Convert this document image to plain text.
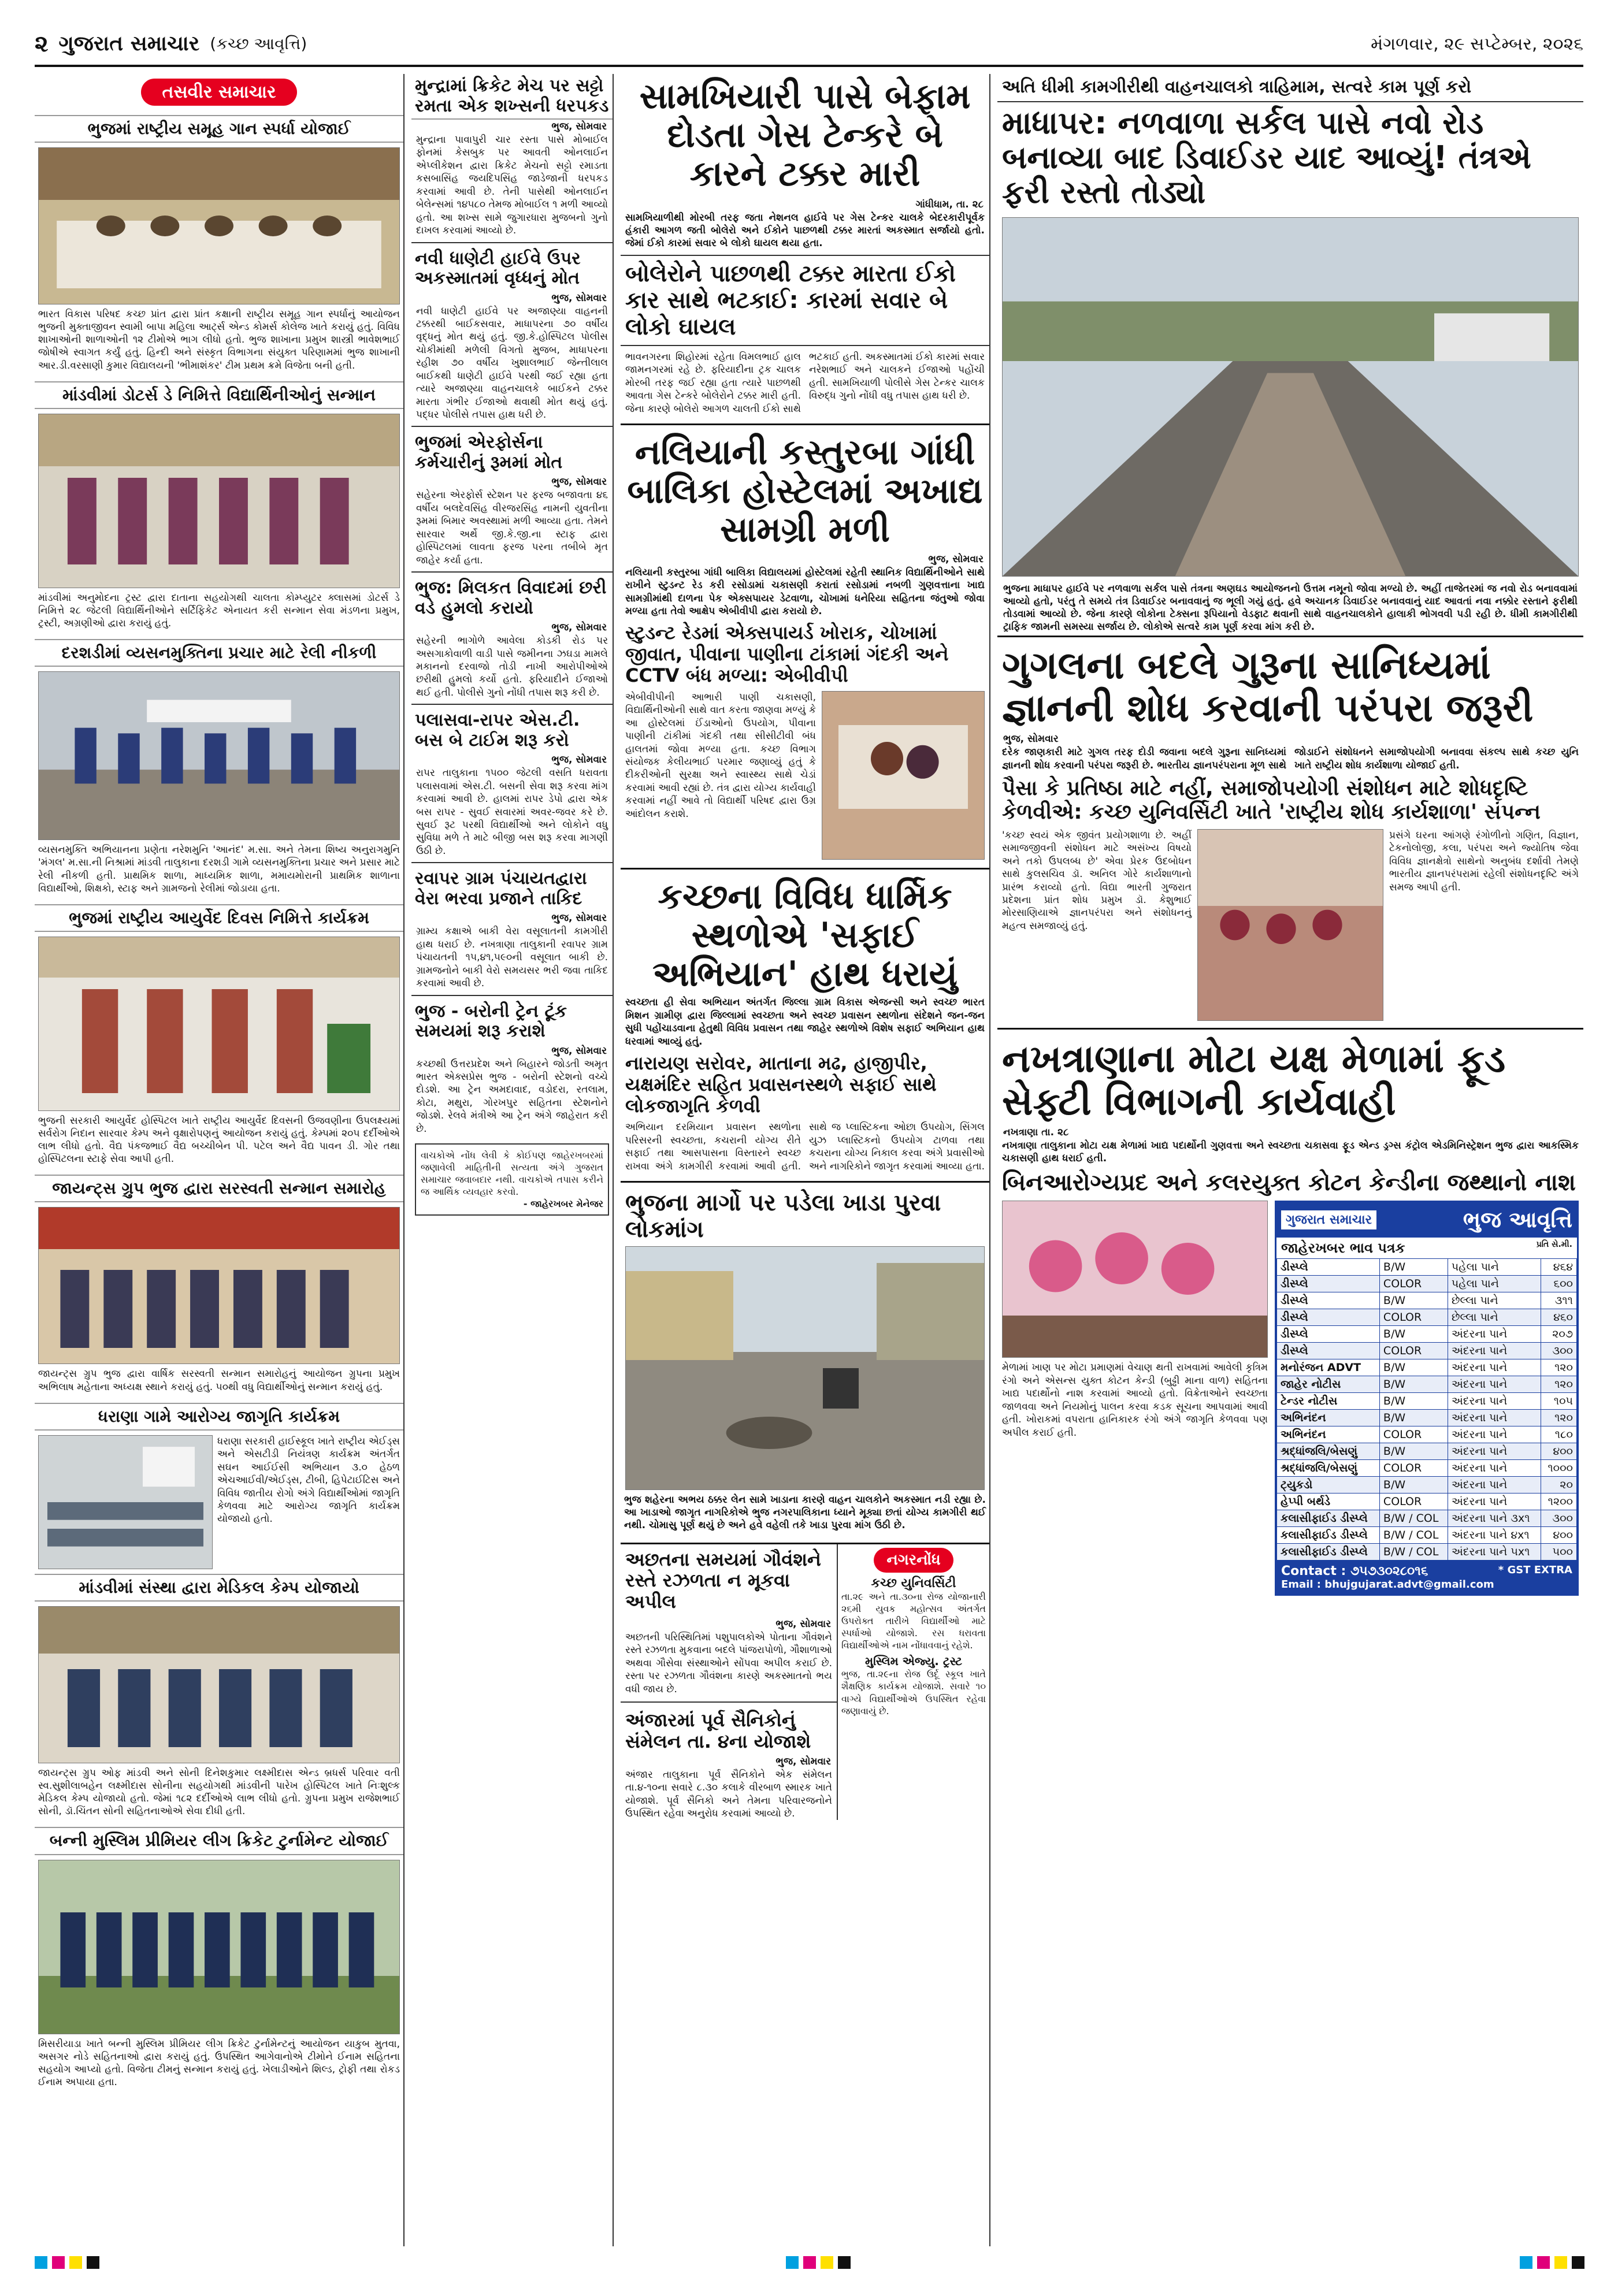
૨ ગુજરાત સમાચાર (કચ્છ આવૃત્તિ)	મંગળવાર, ૨૯ સપ્ટેમ્બર, ૨૦૨૬
તસવીર સમાચાર
ભુજમાં રાષ્ટ્રીય સમૂહ ગાન સ્પર્ધા યોજાઈ
ભારત વિકાસ પરિષદ કચ્છ પ્રાંત દ્વારા પ્રાંત કક્ષાની રાષ્ટ્રીય સમૂહ ગાન સ્પર્ધાનું આયોજન ભુજની મુક્તાજીવન સ્વામી બાપા મહિલા આર્ટ્સ એન્ડ કોમર્સ કોલેજ ખાતે કરાયું હતું. વિવિધ શાખાઓની શાળાઓની ૧૨ ટીમોએ ભાગ લીધો હતો. ભુજ શાખાના પ્રમુખ શાસ્ત્રી ભાવેશભાઈ જોષીએ સ્વાગત કર્યું હતું. હિન્દી અને સંસ્કૃત વિભાગના સંયુક્ત પરિણામમાં ભુજ શાખાની આર.ડી.વરસાણી કુમાર વિદ્યાલયની 'ભીમાશંકર' ટીમ પ્રથમ ક્રમે વિજેતા બની હતી.
માંડવીમાં ડોટર્સ ડે નિમિત્તે વિદ્યાર્થિનીઓનું સન્માન
માંડવીમાં અનુમોદના ટ્રસ્ટ દ્વારા દાતાના સહયોગથી ચાલતા કોમ્પ્યુટર ક્લાસમાં ડોટર્સ ડે નિમિત્તે ૨૮ જેટલી વિદ્યાર્થિનીઓને સર્ટિફિકેટ એનાયત કરી સન્માન સેવા મંડળના પ્રમુખ, ટ્રસ્ટી, અગ્રણીઓ દ્વારા કરાયું હતું.
દરશડીમાં વ્યસનમુક્તિના પ્રચાર માટે રેલી નીકળી
વ્યસનમુક્તિ અભિયાનના પ્રણેતા નરેશમુનિ 'આનંદ' મ.સા. અને તેમના શિષ્ય અનુરાગમુનિ 'મંગલ' મ.સા.ની નિશ્રામાં માંડવી તાલુકાના દરશડી ગામે વ્યસનમુક્તિના પ્રચાર અને પ્રસાર માટે રેલી નીકળી હતી. પ્રાથમિક શાળા, માધ્યમિક શાળા, મમાયમોરાની પ્રાથમિક શાળાના વિદ્યાર્થીઓ, શિક્ષકો, સ્ટાફ અને ગ્રામજનો રેલીમાં જોડાયા હતા.
ભુજમાં રાષ્ટ્રીય આયુર્વેદ દિવસ નિમિત્તે કાર્યક્રમ
ભુજની સરકારી આયુર્વેદ હોસ્પિટલ ખાતે રાષ્ટ્રીય આયુર્વેદ દિવસની ઉજવણીના ઉપલક્ષ્યમાં સર્વરોગ નિદાન સારવાર કેમ્પ અને વૃક્ષારોપણનું આયોજન કરાયું હતું. કેમ્પમાં ૨૦૫ દર્દીઓએ લાભ લીધો હતો. વૈદ્ય પંકજભાઈ વૈદ્ય બચ્ચીબેન પી. પટેલ અને વૈદ્ય પાવન ડી. ગોર તથા હોસ્પિટલના સ્ટાફે સેવા આપી હતી.
જાયન્ટ્સ ગ્રુપ ભુજ દ્વારા સરસ્વતી સન્માન સમારોહ
જાયન્ટ્સ ગ્રુપ ભુજ દ્વારા વાર્ષિક સરસ્વતી સન્માન સમારોહનું આયોજન ગ્રુપના પ્રમુખ અભિલાષ મહેતાના અધ્યક્ષ સ્થાને કરાયું હતું. ૫૦થી વધુ વિદ્યાર્થીઓનું સન્માન કરાયું હતું.
ધરાણા ગામે આરોગ્ય જાગૃતિ કાર્યક્રમ
ધરાણા સરકારી હાઈસ્કૂલ ખાતે રાષ્ટ્રીય એઈડ્સ અને એસટીડી નિયંત્રણ કાર્યક્રમ અંતર્ગત સઘન આઈઈસી અભિયાન ૩.૦ હેઠળ એચઆઈવી/એઈડ્સ, ટીબી, હિપેટાઈટિસ અને વિવિધ જાતીય રોગો અંગે વિદ્યાર્થીઓમાં જાગૃતિ કેળવવા માટે આરોગ્ય જાગૃતિ કાર્યક્રમ યોજાયો હતો.
માંડવીમાં સંસ્થા દ્વારા મેડિકલ કેમ્પ યોજાયો
જાયન્ટ્સ ગ્રુપ ઓફ માંડવી અને સોની દિનેશકુમાર લક્ષ્મીદાસ એન્ડ બ્રધર્સ પરિવાર વતી સ્વ.સુશીલાબહેન લક્ષ્મીદાસ સોનીના સહયોગથી માંડવીની પારેખ હોસ્પિટલ ખાતે નિઃશુલ્ક મેડિકલ કેમ્પ યોજાયો હતો. જેમાં ૧૮૨ દર્દીઓએ લાભ લીધો હતો. ગ્રુપના પ્રમુખ રાજેશભાઈ સોની, ડૉ.ચિંતન સોની સહિતનાઓએ સેવા દીધી હતી.
બન્ની મુસ્લિમ પ્રીમિયર લીગ ક્રિકેટ ટુર્નામેન્ટ યોજાઈ
મિસરીયાડા ખાતે બન્ની મુસ્લિમ પ્રીમિયર લીગ ક્રિકેટ ટુર્નામેન્ટનું આયોજન યાકુબ મુતવા, અસગર નોડે સહિતનાઓ દ્વારા કરાયું હતું. ઉપસ્થિત આગેવાનોએ ટીમોને ઈનામ સહિતના સહયોગ આપ્યો હતો. વિજેતા ટીમનું સન્માન કરાયું હતું. ખેલાડીઓને શિલ્ડ, ટ્રોફી તથા રોકડ ઈનામ અપાયા હતા.
મુન્દ્રામાં ક્રિકેટ મેચ પર સટ્ટો રમતા એક શખ્સની ધરપકડ
ભુજ, સોમવાર
મુન્દ્રાના પાવાપુરી ચાર રસ્તા પાસે મોબાઈલ ફોનમાં કેસબુક પર આવતી ઓનલાઈન એપ્લીકેશન દ્વારા ક્રિકેટ મેચનો સટ્ટો રમાડતા કસબાસિંહ જયદિપસિંહ જાડેજાની ધરપકડ કરવામાં આવી છે. તેની પાસેથી ઓનલાઈન બેલેન્સમાં ૧૪૫૮૦ તેમજ મોબાઈલ ૧ મળી આવ્યો હતો. આ શખ્સ સામે જુગારધારા મુજબનો ગુનો દાખલ કરવામાં આવ્યો છે.
નવી ધાણેટી હાઈવે ઉપર અકસ્માતમાં વૃધ્ધનું મોત
ભુજ, સોમવાર
નવી ધાણેટી હાઈવે પર અજાણ્યા વાહનની ટક્કરથી બાઈકસવાર, માધાપરના ૭૦ વર્ષીય વૃદ્ધનું મોત થયું હતું. જી.કે.હોસ્પિટલ પોલીસ ચોકીમાંથી મળેલી વિગતો મુજબ, માધાપરના રહીશ ૭૦ વર્ષીય ખુશાલભાઈ જેન્તીલાલ બાઈકથી ધાણેટી હાઈવે પરથી જઈ રહ્યા હતા ત્યારે અજાણ્યા વાહનચાલકે બાઈકને ટક્કર મારતા ગંભીર ઈજાઓ થવાથી મોત થયું હતું. પદ્ધર પોલીસે તપાસ હાથ ધરી છે.
ભુજમાં એરફોર્સના કર્મચારીનું રૂમમાં મોત
ભુજ, સોમવાર
સહેરના એરફોર્સ સ્ટેશન પર ફરજ બજાવતા ૪૬ વર્ષીય બલદેવસિંહ વીરજરસિંહ નામની યુવતીના રૂમમાં બિમાર અવસ્થામાં મળી આવ્યા હતા. તેમને સારવાર અર્થે જી.કે.જી.ના સ્ટાફ દ્વારા હોસ્પિટલમાં લાવતા ફરજ પરના તબીબે મૃત જાહેર કર્યા હતા.
ભુજ: મિલકત વિવાદમાં છરી વડે હુમલો કરાયો
ભુજ, સોમવાર
સહેરની ભાગોળે આવેલા કોડકી રોડ પર અસગાકોવાળી વાડી પાસે જમીનના ઝઘડા મામલે મકાનનો દરવાજો તોડી નાખી આરોપીઓએ છરીથી હુમલો કર્યો હતો. ફરિયાદીને ઈજાઓ થઈ હતી. પોલીસે ગુનો નોંધી તપાસ શરૂ કરી છે.
પલાસવા-રાપર એસ.ટી. બસ બે ટાઈમ શરૂ કરો
ભુજ, સોમવાર
રાપર તાલુકાના ૧૫૦૦ જેટલી વસતિ ધરાવતા પલાસવામાં એસ.ટી. બસની સેવા શરૂ કરવા માંગ કરવામાં આવી છે. હાલમાં રાપર ડેપો દ્વારા એક બસ રાપર - સુવઈ સવારમાં અવર-જવર કરે છે. સુવઈ રૂટ પરથી વિદ્યાર્થીઓ અને લોકોને વધુ સુવિધા મળે તે માટે બીજી બસ શરૂ કરવા માગણી ઉઠી છે.
રવાપર ગ્રામ પંચાયતદ્વારા વેરા ભરવા પ્રજાને તાકિદ
ભુજ, સોમવાર
ગ્રામ્ય કક્ષાએ બાકી વેરા વસૂલાતની કામગીરી હાથ ધરાઈ છે. નખત્રાણા તાલુકાની રવાપર ગ્રામ પંચાયતની ૧૫,૪૧,૫૯૦ની વસૂલાત બાકી છે. ગ્રામજનોને બાકી વેરો સમયસર ભરી જવા તાકિદ કરવામાં આવી છે.
ભુજ - બરોની ટ્રેન ટૂંક સમયમાં શરૂ કરાશે
ભુજ, સોમવાર
કચ્છથી ઉત્તરપ્રદેશ અને બિહારને જોડતી અમૃત ભારત એક્સપ્રેસ ભુજ - બરોની સ્ટેશનો વચ્ચે દોડશે. આ ટ્રેન અમદાવાદ, વડોદરા, રતલામ, કોટા, મથુરા, ગોરખપુર સહિતના સ્ટેશનોને જોડશે. રેલવે મંત્રીએ આ ટ્રેન અંગે જાહેરાત કરી છે.
વાચકોએ નોંધ લેવી કે કોઈપણ જાહેરખબરમાં જણાવેલી માહિતીની સત્યતા અંગે ગુજરાત સમાચાર જવાબદાર નથી. વાચકોએ તપાસ કરીને જ આર્થિક વ્યવહાર કરવો.
- જાહેરખબર મેનેજર
સામખિયારી પાસે બેફામ દોડતા ગેસ ટેન્કરે બે કારને ટક્કર મારી
ગાંધીધામ, તા. ૨૮
સામખિયાળીથી મોરબી તરફ જતા નેશનલ હાઈવે પર ગેસ ટેન્કર ચાલકે બેદરકારીપૂર્વક હંકારી આગળ જતી બોલેરો અને ઈકોને પાછળથી ટક્કર મારતાં અકસ્માત સર્જાયો હતો. જેમાં ઈકો કારમાં સવાર બે લોકો ઘાયલ થયા હતા.
બોલેરોને પાછળથી ટક્કર મારતા ઈકો કાર સાથે ભટકાઈ: કારમાં સવાર બે લોકો ઘાયલ
ભાવનગરના શિહોરમાં રહેતા વિમલભાઈ હાલ જામનગરમાં રહે છે. ફરિયાદીના ટ્રક ચાલક મોરબી તરફ જઈ રહ્યા હતા ત્યારે પાછળથી આવતા ગેસ ટેન્કરે બોલેરોને ટક્કર મારી હતી. જેના કારણે બોલેરો આગળ ચાલતી ઈકો સાથે ભટકાઈ હતી. અકસ્માતમાં ઈકો કારમાં સવાર નરેશભાઈ અને ચાલકને ઈજાઓ પહોંચી હતી. સામખિયાળી પોલીસે ગેસ ટેન્કર ચાલક વિરુદ્ધ ગુનો નોંધી વધુ તપાસ હાથ ધરી છે.
નલિયાની કસ્તુરબા ગાંધી બાલિકા હોસ્ટેલમાં અખાદ્ય સામગ્રી મળી
ભુજ, સોમવાર
નલિયાની કસ્તુરબા ગાંધી બાલિકા વિદ્યાલયમાં હોસ્ટેલમાં રહેતી સ્થાનિક વિદ્યાર્થિનીઓને સાથે રાખીને સ્ટુડન્ટ રેડ કરી રસોડામાં ચકાસણી કરાતાં રસોડામાં નબળી ગુણવત્તાના ખાદ્ય સામગ્રીમાંથી દાળના પેક એક્સપાયર ડેટવાળા, ચોખામાં ધનેરિયા સહિતના જંતુઓ જોવા મળ્યા હતા તેવો આક્ષેપ એબીવીપી દ્વારા કરાયો છે.
સ્ટુડન્ટ રેડમાં એક્સપાયર્ડ ખોરાક, ચોખામાં જીવાત, પીવાના પાણીના ટાંકામાં ગંદકી અને CCTV બંધ મળ્યા: એબીવીપી
એબીવીપીની આભારી પાણી ચકાસણી, વિદ્યાર્થિનીઓની સાથે વાત કરતા જાણવા મળ્યું કે આ હોસ્ટેલમાં ઈંડાઓનો ઉપયોગ, પીવાના પાણીની ટાંકીમાં ગંદકી તથા સીસીટીવી બંધ હાલતમાં જોવા મળ્યા હતા. કચ્છ વિભાગ સંયોજક કેલીયભાઈ પરમાર જણાવ્યું હતું કે દીકરીઓની સુરક્ષા અને સ્વાસ્થ્ય સાથે ચેડાં કરવામાં આવી રહ્યાં છે. તંત્ર દ્વારા યોગ્ય કાર્યવાહી કરવામાં નહીં આવે તો વિદ્યાર્થી પરિષદ દ્વારા ઉગ્ર આંદોલન કરાશે.
કચ્છના વિવિધ ધાર્મિક સ્થળોએ 'સફાઈ અભિયાન' હાથ ધરાયું
સ્વચ્છતા હી સેવા અભિયાન અંતર્ગત જિલ્લા ગ્રામ વિકાસ એજન્સી અને સ્વચ્છ ભારત મિશન ગ્રામીણ દ્વારા જિલ્લામાં સ્વચ્છતા અને સ્વચ્છ પ્રવાસન સ્થળોના સંદેશને જન-જન સુધી પહોંચાડવાના હેતુથી વિવિધ પ્રવાસન તથા જાહેર સ્થળોએ વિશેષ સફાઈ અભિયાન હાથ ધરવામાં આવ્યું હતું.
નારાયણ સરોવર, માતાના મઢ, હાજીપીર, યક્ષમંદિર સહિત પ્રવાસનસ્થળે સફાઈ સાથે લોકજાગૃતિ કેળવી
અભિયાન દરમિયાન પ્રવાસન સ્થળોના પરિસરની સ્વચ્છતા, કચરાની યોગ્ય રીતે સફાઈ તથા આસપાસના વિસ્તારને સ્વચ્છ રાખવા અંગે કામગીરી કરવામાં આવી હતી. સાથે જ પ્લાસ્ટિકના ઓછા ઉપયોગ, સિંગલ યુઝ પ્લાસ્ટિકનો ઉપયોગ ટાળવા તથા કચરાના યોગ્ય નિકાલ કરવા અંગે પ્રવાસીઓ અને નાગરિકોને જાગૃત કરવામાં આવ્યા હતા.
ભુજના માર્ગો પર પડેલા ખાડા પુરવા લોકમાંગ
ભુજ શહેરના અભય ઠક્કર લેન સામે ખાડાના કારણે વાહન ચાલકોને અકસ્માત નડી રહ્યા છે. આ ખાડાઓ જાગૃત નાગરિકોએ ભુજ નગરપાલિકાના ધ્યાને મૂક્યા છતાં યોગ્ય કામગીરી થઈ નથી. ચોમાસુ પૂર્ણ થયું છે અને હવે વહેલી તકે ખાડા પુરવા માંગ ઉઠી છે.
અછતના સમયમાં ગૌવંશને રસ્તે રઝળતા ન મૂકવા અપીલ
ભુજ, સોમવાર
અછતની પરિસ્થિતિમાં પશુપાલકોએ પોતાના ગૌવંશને રસ્તે રઝળતા મુકવાના બદલે પાંજરાપોળો, ગૌશાળાઓ અથવા ગૌસેવા સંસ્થાઓને સોંપવા અપીલ કરાઈ છે. રસ્તા પર રઝળતા ગૌવંશના કારણે અકસ્માતનો ભય વધી જાય છે.
અંજારમાં પૂર્વ સૈનિકોનું સંમેલન તા. ૪ના યોજાશે
ભુજ, સોમવાર
અંજાર તાલુકાના પૂર્વ સૈનિકોને એક સંમેલન તા.૪-૧૦ના સવારે ૮.૩૦ કલાકે વીરબાળ સ્મારક ખાતે યોજાશે. પૂર્વ સૈનિકો અને તેમના પરિવારજનોને ઉપસ્થિત રહેવા અનુરોધ કરવામાં આવ્યો છે.
નગરનોંધ
કચ્છ યુનિવર્સિટી
તા.૨૯ અને તા.૩૦ના રોજ યોજાનારી ૨૬મી યુવક મહોત્સવ અંતર્ગત ઉપરોક્ત તારીખે વિદ્યાર્થીઓ માટે સ્પર્ધાઓ યોજાશે. રસ ધરાવતા વિદ્યાર્થીઓએ નામ નોંધાવવાનું રહેશે.
મુસ્લિમ એજ્યુ. ટ્રસ્ટ
ભુજ, તા.૨૯ના રોજ ઉર્દૂ સ્કૂલ ખાતે શૈક્ષણિક કાર્યક્રમ યોજાશે. સવારે ૧૦ વાગ્યે વિદ્યાર્થીઓએ ઉપસ્થિત રહેવા જણાવાયું છે.
અતિ ધીમી કામગીરીથી વાહનચાલકો ત્રાહિમામ, સત્વરે કામ પૂર્ણ કરો
માધાપર: નળવાળા સર્કલ પાસે નવો રોડ બનાવ્યા બાદ ડિવાઈડર યાદ આવ્યું! તંત્રએ ફરી રસ્તો તોડ્યો
ભુજના માધાપર હાઈવે પર નળવાળા સર્કલ પાસે તંત્રના અણઘડ આયોજનનો ઉત્તમ નમૂનો જોવા મળ્યો છે. અહીં તાજેતરમાં જ નવો રોડ બનાવવામાં આવ્યો હતો, પરંતુ તે સમયે તંત્ર ડિવાઈડર બનાવવાનું જ ભૂલી ગયું હતું. હવે અચાનક ડિવાઈડર બનાવવાનું યાદ આવતાં નવા નક્કોર રસ્તાને ફરીથી તોડવામાં આવ્યો છે. જેના કારણે લોકોના ટેક્સના રૂપિયાનો વેડફાટ થવાની સાથે વાહનચાલકોને હાલાકી ભોગવવી પડી રહી છે. ધીમી કામગીરીથી ટ્રાફિક જામની સમસ્યા સર્જાય છે. લોકોએ સત્વરે કામ પૂર્ણ કરવા માંગ કરી છે.
ગુગલના બદલે ગુરૂના સાનિધ્યમાં જ્ઞાનની શોધ કરવાની પરંપરા જરૂરી
ભુજ, સોમવાર
દરેક જાણકારી માટે ગુગલ તરફ દોડી જવાના બદલે ગુરૂના સાનિધ્યમાં જ્ઞાનની શોધ કરવાની પરંપરા જરૂરી છે. ભારતીય જ્ઞાનપરંપરાના મૂળ સાથે જોડાઈને સંશોધનને સમાજોપયોગી બનાવવા સંકલ્પ સાથે કચ્છ યુનિ ખાતે રાષ્ટ્રીય શોધ કાર્યશાળા યોજાઈ હતી.
પૈસા કે પ્રતિષ્ઠા માટે નહીં, સમાજોપયોગી સંશોધન માટે શોધદૃષ્ટિ કેળવીએ: કચ્છ યુનિવર્સિટી ખાતે 'રાષ્ટ્રીય શોધ કાર્યશાળા' સંપન્ન
'કચ્છ સ્વયં એક જીવંત પ્રયોગશાળા છે. અહીં સમાજજીવની સંશોધન માટે અસંખ્ય વિષયો અને તકો ઉપલબ્ધ છે' એવા પ્રેરક ઉદબોધન સાથે કુલસચિવ ડૉ. અનિલ ગોરે કાર્યશાળાનો પ્રારંભ કરાવ્યો હતો. વિદ્યા ભારતી ગુજરાત પ્રદેશના પ્રાંત શોધ પ્રમુખ ડૉ. કેશુભાઈ મોરસાણિયાએ જ્ઞાનપરંપરા અને સંશોધનનું મહત્વ સમજાવ્યું હતું.
પ્રસંગે ઘરના આંગણે રંગોળીનો ગણિત, વિજ્ઞાન, ટેકનોલોજી, કલા, પરંપરા અને જ્યોતિષ જેવા વિવિધ જ્ઞાનક્ષેત્રો સાથેનો અનુબંધ દર્શાવી તેમણે ભારતીય જ્ઞાનપરંપરામાં રહેલી સંશોધનદૃષ્ટિ અંગે સમજ આપી હતી.
નખત્રાણાના મોટા યક્ષ મેળામાં ફૂડ સેફ્ટી વિભાગની કાર્યવાહી
નખત્રાણા તા. ૨૮
નખત્રાણા તાલુકાના મોટા યક્ષ મેળામાં ખાદ્ય પદાર્થોની ગુણવત્તા અને સ્વચ્છતા ચકાસવા ફૂડ એન્ડ ડ્રગ્સ કંટ્રોલ એડમિનિસ્ટ્રેશન ભુજ દ્વારા આકસ્મિક ચકાસણી હાથ ધરાઈ હતી.
બિનઆરોગ્યપ્રદ અને કલરયુક્ત કોટન કેન્ડીના જથ્થાનો નાશ
મેળામાં ખાણ પર મોટા પ્રમાણમાં વેચાણ થતી રાખવામાં આવેલી કૃત્રિમ રંગો અને એસન્સ યુક્ત કોટન કેન્ડી (બુઢ્ઢી માના વાળ) સહિતના ખાદ્ય પદાર્થોનો નાશ કરવામાં આવ્યો હતો. વિક્રેતાઓને સ્વચ્છતા જાળવવા અને નિયમોનું પાલન કરવા કડક સૂચના આપવામાં આવી હતી. ખોરાકમાં વપરાતા હાનિકારક રંગો અંગે જાગૃતિ કેળવવા પણ અપીલ કરાઈ હતી.
ગુજરાત સમાચાર	ભુજ આવૃત્તિ
જાહેરખબર ભાવ પત્રક	પ્રતિ સે.મી.
ડીસ્પ્લે	B/W	પહેલા પાને	૪૬૪
ડીસ્પ્લે	COLOR	પહેલા પાને	૬૦૦
ડીસ્પ્લે	B/W	છેલ્લા પાને	૩૧૧
ડીસ્પ્લે	COLOR	છેલ્લા પાને	૪૬૦
ડીસ્પ્લે	B/W	અંદરના પાને	૨૦૭
ડીસ્પ્લે	COLOR	અંદરના પાને	૩૦૦
મનોરંજન ADVT	B/W	અંદરના પાને	૧૨૦
જાહેર નોટીસ	B/W	અંદરના પાને	૧૨૦
ટેન્ડર નોટીસ	B/W	અંદરના પાને	૧૦૫
અભિનંદન	B/W	અંદરના પાને	૧૨૦
અભિનંદન	COLOR	અંદરના પાને	૧૮૦
શ્રદ્ધાંજલિ/બેસણું	B/W	અંદરના પાને	૪૦૦
શ્રદ્ધાંજલિ/બેસણું	COLOR	અંદરના પાને	૧૦૦૦
ટ્યુકડો	B/W	અંદરના પાને	૨૦
હેપ્પી બર્થડે	COLOR	અંદરના પાને	૧૨૦૦
કલાસીફાઈડ ડીસ્પ્લે	B/W / COL	અંદરના પાને ૩x૧	૩૦૦
કલાસીફાઈડ ડીસ્પ્લે	B/W / COL	અંદરના પાને ૪x૧	૪૦૦
કલાસીફાઈડ ડીસ્પ્લે	B/W / COL	અંદરના પાને ૫x૧	૫૦૦
Contact : ૭૫૭૩૦૨૮૦૧૬	* GST EXTRA
Email : bhujgujarat.advt@gmail.com
